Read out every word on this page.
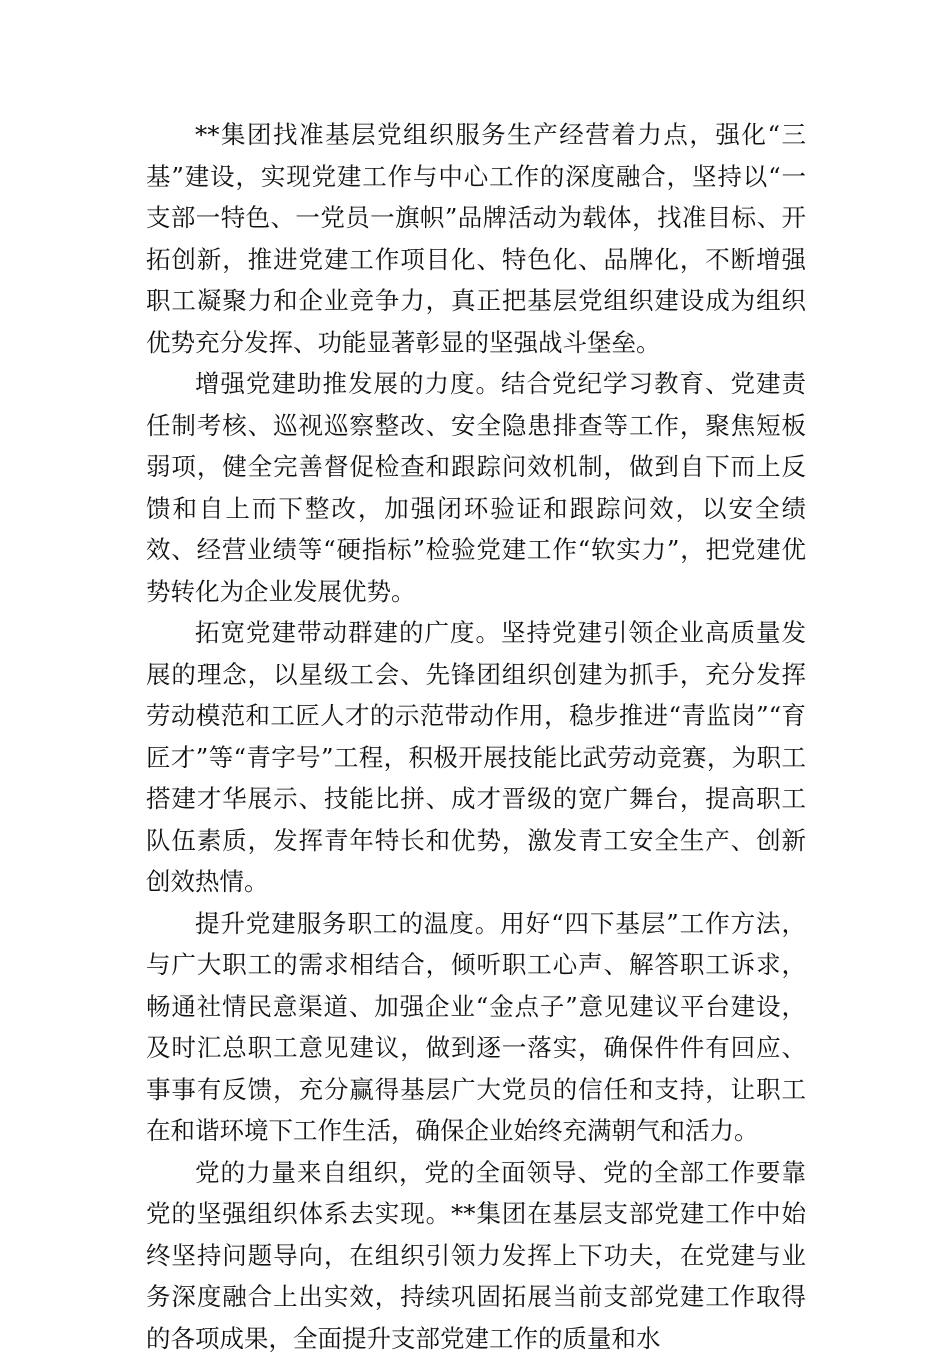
**集团找准基层党组织服务生产经营着力点，强化“三基”建设，实现党建工作与中心工作的深度融合，坚持以“一支部一特色、一党员一旗帜”品牌活动为载体，找准目标、开拓创新，推进党建工作项目化、特色化、品牌化，不断增强职工凝聚力和企业竞争力，真正把基层党组织建设成为组织优势充分发挥、功能显著彰显的坚强战斗堡垒。

增强党建助推发展的力度。结合党纪学习教育、党建责任制考核、巡视巡察整改、安全隐患排查等工作，聚焦短板弱项，健全完善督促检查和跟踪问效机制，做到自下而上反馈和自上而下整改，加强闭环验证和跟踪问效，以安全绩效、经营业绩等“硬指标”检验党建工作“软实力”，把党建优势转化为企业发展优势。

拓宽党建带动群建的广度。坚持党建引领企业高质量发展的理念，以星级工会、先锋团组织创建为抓手，充分发挥劳动模范和工匠人才的示范带动作用，稳步推进“青监岗”“育匠才”等“青字号”工程，积极开展技能比武劳动竞赛，为职工搭建才华展示、技能比拼、成才晋级的宽广舞台，提高职工队伍素质，发挥青年特长和优势，激发青工安全生产、创新创效热情。

提升党建服务职工的温度。用好“四下基层”工作方法，与广大职工的需求相结合，倾听职工心声、解答职工诉求，畅通社情民意渠道、加强企业“金点子”意见建议平台建设，及时汇总职工意见建议，做到逐一落实，确保件件有回应、事事有反馈，充分赢得基层广大党员的信任和支持，让职工在和谐环境下工作生活，确保企业始终充满朝气和活力。

党的力量来自组织，党的全面领导、党的全部工作要靠党的坚强组织体系去实现。**集团在基层支部党建工作中始终坚持问题导向，在组织引领力发挥上下功夫，在党建与业务深度融合上出实效，持续巩固拓展当前支部党建工作取得的各项成果，全面提升支部党建工作的质量和水
